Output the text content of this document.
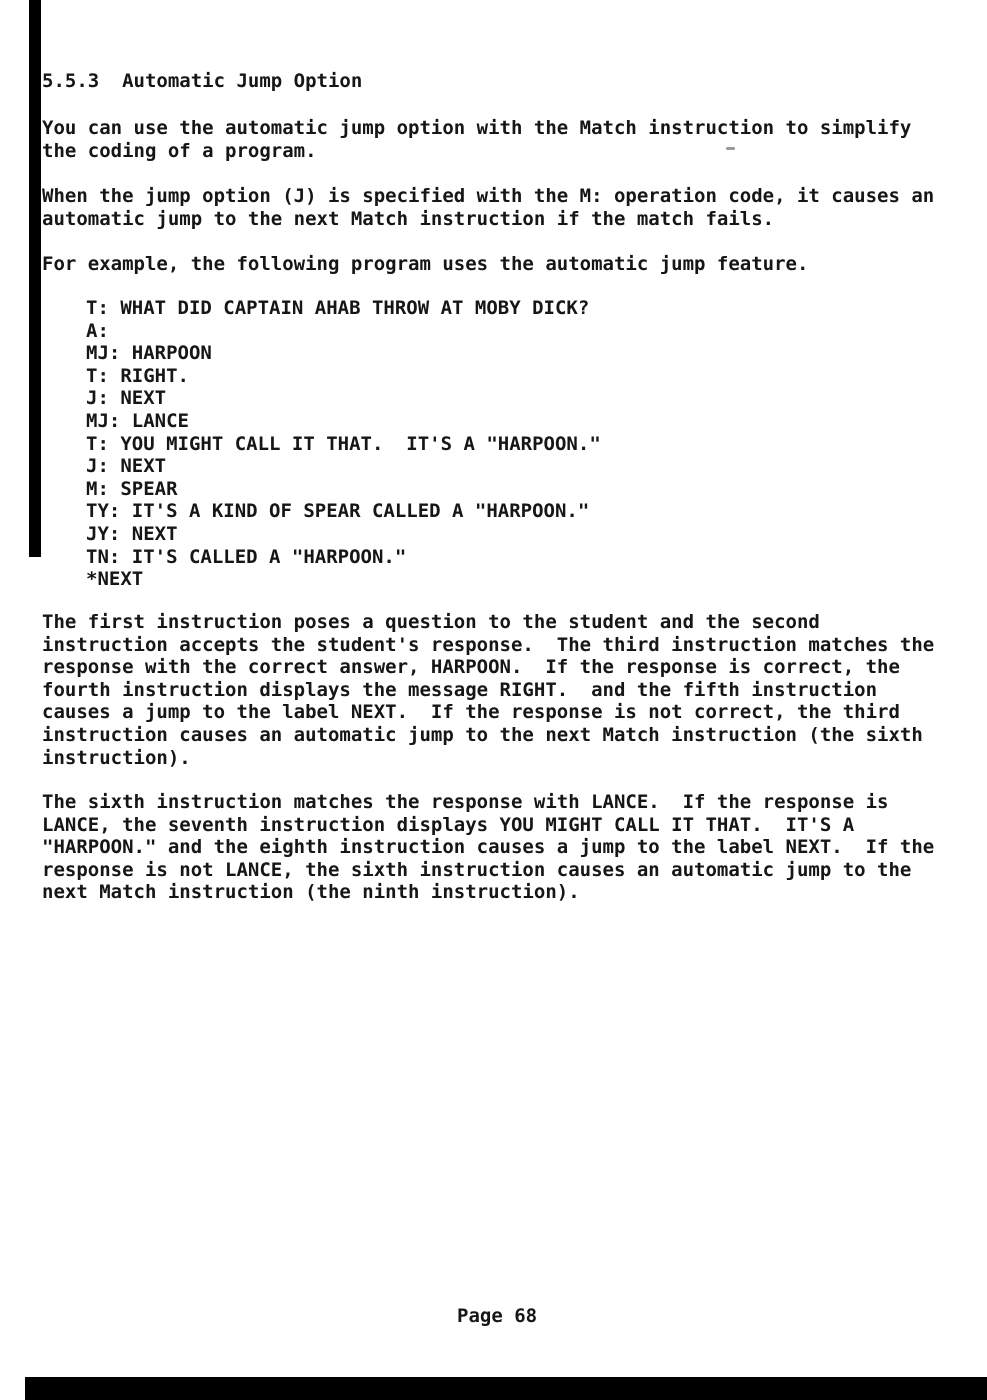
5.5.3  Automatic Jump Option
You can use the automatic jump option with the Match instruction to simplify
the coding of a program.
When the jump option (J) is specified with the M: operation code, it causes an
automatic jump to the next Match instruction if the match fails.
For example, the following program uses the automatic jump feature.
T: WHAT DID CAPTAIN AHAB THROW AT MOBY DICK?
A:
MJ: HARPOON
T: RIGHT.
J: NEXT
MJ: LANCE
T: YOU MIGHT CALL IT THAT.  IT'S A "HARPOON."
J: NEXT
M: SPEAR
TY: IT'S A KIND OF SPEAR CALLED A "HARPOON."
JY: NEXT
TN: IT'S CALLED A "HARPOON."
*NEXT
The first instruction poses a question to the student and the second
instruction accepts the student's response.  The third instruction matches the
response with the correct answer, HARPOON.  If the response is correct, the
fourth instruction displays the message RIGHT.  and the fifth instruction
causes a jump to the label NEXT.  If the response is not correct, the third
instruction causes an automatic jump to the next Match instruction (the sixth
instruction).
The sixth instruction matches the response with LANCE.  If the response is
LANCE, the seventh instruction displays YOU MIGHT CALL IT THAT.  IT'S A
"HARPOON." and the eighth instruction causes a jump to the label NEXT.  If the
response is not LANCE, the sixth instruction causes an automatic jump to the
next Match instruction (the ninth instruction).
Page 68
